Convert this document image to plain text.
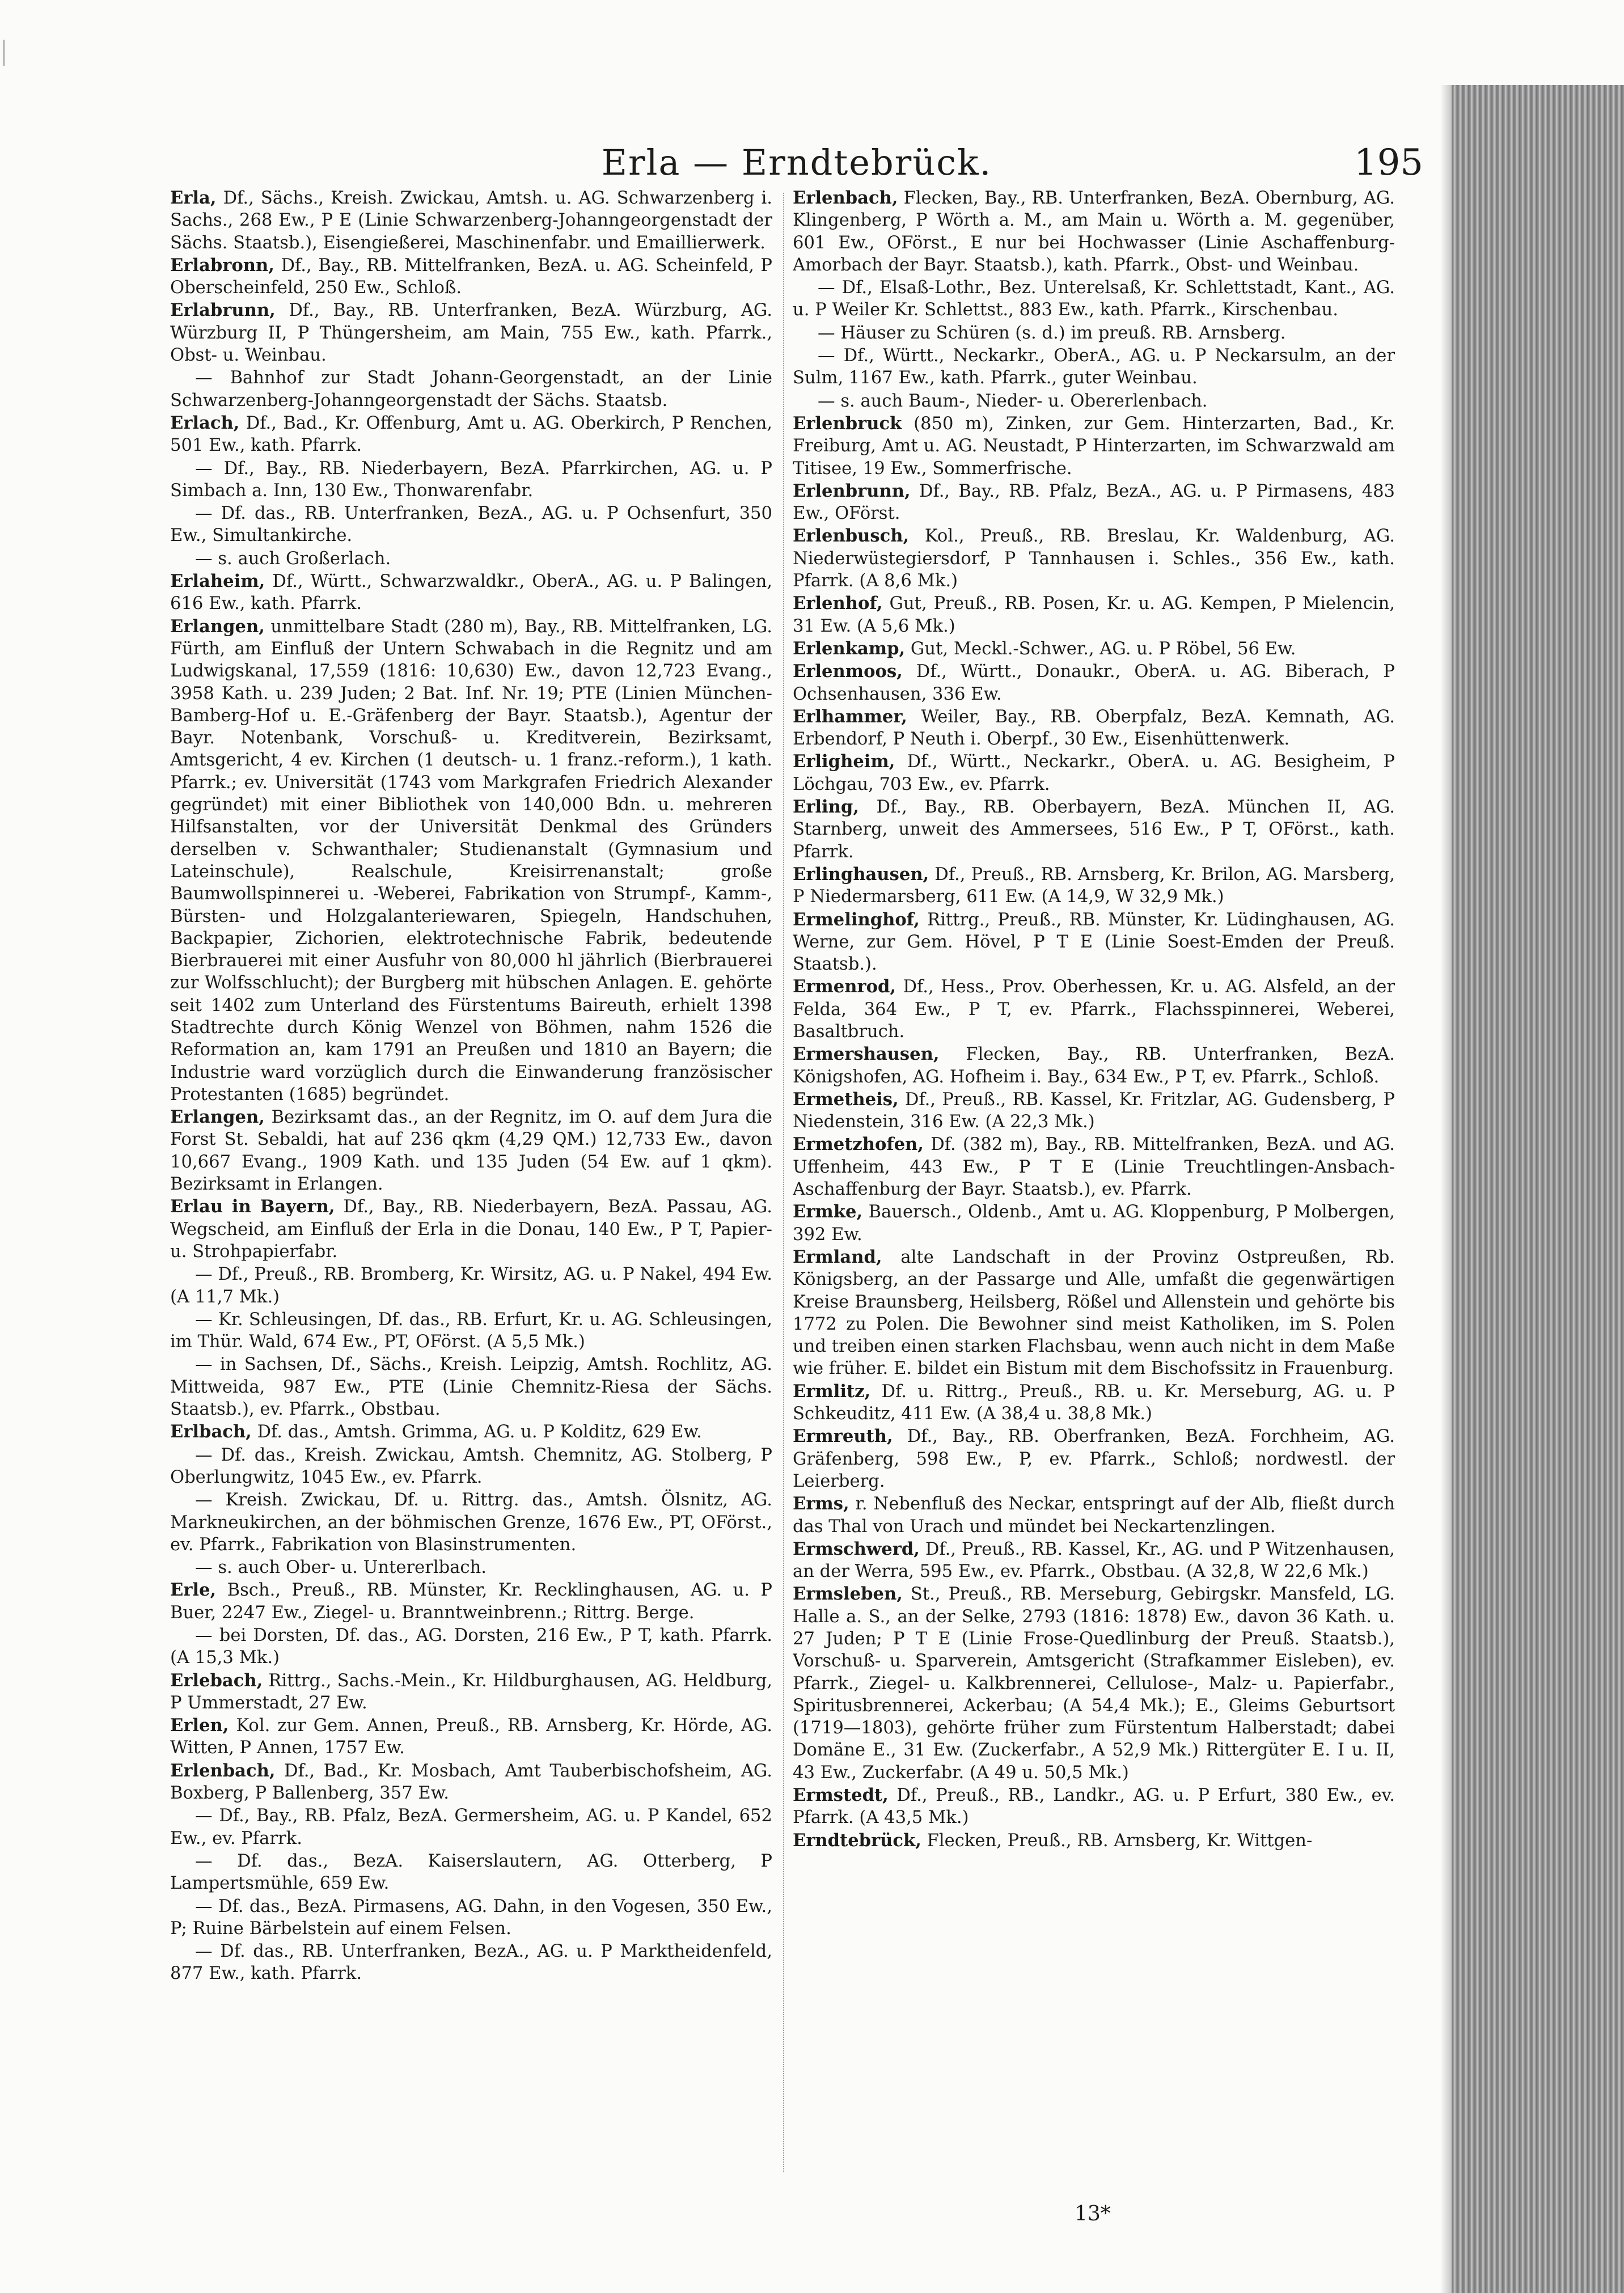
Erla — Erndtebrück.	195

Erla, Df., Sächs., Kreish. Zwickau, Amtsh. u. AG. Schwarzenberg i. Sachs., 268 Ew., P E (Linie Schwarzenberg-Johanngeorgenstadt der Sächs. Staatsb.), Eisengießerei, Maschinenfabr. und Emaillierwerk.

Erlabronn, Df., Bay., RB. Mittelfranken, BezA. u. AG. Scheinfeld, P Oberscheinfeld, 250 Ew., Schloß.

Erlabrunn, Df., Bay., RB. Unterfranken, BezA. Würzburg, AG. Würzburg II, P Thüngersheim, am Main, 755 Ew., kath. Pfarrk., Obst- u. Weinbau.

— Bahnhof zur Stadt Johann-Georgenstadt, an der Linie Schwarzenberg-Johanngeorgenstadt der Sächs. Staatsb.

Erlach, Df., Bad., Kr. Offenburg, Amt u. AG. Oberkirch, P Renchen, 501 Ew., kath. Pfarrk.

— Df., Bay., RB. Niederbayern, BezA. Pfarrkirchen, AG. u. P Simbach a. Inn, 130 Ew., Thonwarenfabr.

— Df. das., RB. Unterfranken, BezA., AG. u. P Ochsenfurt, 350 Ew., Simultankirche.

— s. auch Großerlach.

Erlaheim, Df., Württ., Schwarzwaldkr., OberA., AG. u. P Balingen, 616 Ew., kath. Pfarrk.

Erlangen, unmittelbare Stadt (280 m), Bay., RB. Mittelfranken, LG. Fürth, am Einfluß der Untern Schwabach in die Regnitz und am Ludwigskanal, 17,559 (1816: 10,630) Ew., davon 12,723 Evang., 3958 Kath. u. 239 Juden; 2 Bat. Inf. Nr. 19; PTE (Linien München-Bamberg-Hof u. E.-Gräfenberg der Bayr. Staatsb.), Agentur der Bayr. Notenbank, Vorschuß- u. Kreditverein, Bezirksamt, Amtsgericht, 4 ev. Kirchen (1 deutsch- u. 1 franz.-reform.), 1 kath. Pfarrk.; ev. Universität (1743 vom Markgrafen Friedrich Alexander gegründet) mit einer Bibliothek von 140,000 Bdn. u. mehreren Hilfsanstalten, vor der Universität Denkmal des Gründers derselben v. Schwanthaler; Studienanstalt (Gymnasium und Lateinschule), Realschule, Kreisirrenanstalt; große Baumwollspinnerei u. -Weberei, Fabrikation von Strumpf-, Kamm-, Bürsten- und Holzgalanteriewaren, Spiegeln, Handschuhen, Backpapier, Zichorien, elektrotechnische Fabrik, bedeutende Bierbrauerei mit einer Ausfuhr von 80,000 hl jährlich (Bierbrauerei zur Wolfsschlucht); der Burgberg mit hübschen Anlagen. E. gehörte seit 1402 zum Unterland des Fürstentums Baireuth, erhielt 1398 Stadtrechte durch König Wenzel von Böhmen, nahm 1526 die Reformation an, kam 1791 an Preußen und 1810 an Bayern; die Industrie ward vorzüglich durch die Einwanderung französischer Protestanten (1685) begründet.

Erlangen, Bezirksamt das., an der Regnitz, im O. auf dem Jura die Forst St. Sebaldi, hat auf 236 qkm (4,29 QM.) 12,733 Ew., davon 10,667 Evang., 1909 Kath. und 135 Juden (54 Ew. auf 1 qkm). Bezirksamt in Erlangen.

Erlau in Bayern, Df., Bay., RB. Niederbayern, BezA. Passau, AG. Wegscheid, am Einfluß der Erla in die Donau, 140 Ew., P T, Papier- u. Strohpapierfabr.

— Df., Preuß., RB. Bromberg, Kr. Wirsitz, AG. u. P Nakel, 494 Ew. (A 11,7 Mk.)

— Kr. Schleusingen, Df. das., RB. Erfurt, Kr. u. AG. Schleusingen, im Thür. Wald, 674 Ew., PT, OFörst. (A 5,5 Mk.)

— in Sachsen, Df., Sächs., Kreish. Leipzig, Amtsh. Rochlitz, AG. Mittweida, 987 Ew., PTE (Linie Chemnitz-Riesa der Sächs. Staatsb.), ev. Pfarrk., Obstbau.

Erlbach, Df. das., Amtsh. Grimma, AG. u. P Kolditz, 629 Ew.

— Df. das., Kreish. Zwickau, Amtsh. Chemnitz, AG. Stolberg, P Oberlungwitz, 1045 Ew., ev. Pfarrk.

— Kreish. Zwickau, Df. u. Rittrg. das., Amtsh. Ölsnitz, AG. Markneukirchen, an der böhmischen Grenze, 1676 Ew., PT, OFörst., ev. Pfarrk., Fabrikation von Blasinstrumenten.

— s. auch Ober- u. Untererlbach.

Erle, Bsch., Preuß., RB. Münster, Kr. Recklinghausen, AG. u. P Buer, 2247 Ew., Ziegel- u. Branntweinbrenn.; Rittrg. Berge.

— bei Dorsten, Df. das., AG. Dorsten, 216 Ew., P T, kath. Pfarrk. (A 15,3 Mk.)

Erlebach, Rittrg., Sachs.-Mein., Kr. Hildburghausen, AG. Heldburg, P Ummerstadt, 27 Ew.

Erlen, Kol. zur Gem. Annen, Preuß., RB. Arnsberg, Kr. Hörde, AG. Witten, P Annen, 1757 Ew.

Erlenbach, Df., Bad., Kr. Mosbach, Amt Tauberbischofsheim, AG. Boxberg, P Ballenberg, 357 Ew.

— Df., Bay., RB. Pfalz, BezA. Germersheim, AG. u. P Kandel, 652 Ew., ev. Pfarrk.

— Df. das., BezA. Kaiserslautern, AG. Otterberg, P Lampertsmühle, 659 Ew.

— Df. das., BezA. Pirmasens, AG. Dahn, in den Vogesen, 350 Ew., P; Ruine Bärbelstein auf einem Felsen.

— Df. das., RB. Unterfranken, BezA., AG. u. P Marktheidenfeld, 877 Ew., kath. Pfarrk.

Erlenbach, Flecken, Bay., RB. Unterfranken, BezA. Obernburg, AG. Klingenberg, P Wörth a. M., am Main u. Wörth a. M. gegenüber, 601 Ew., OFörst., E nur bei Hochwasser (Linie Aschaffenburg-Amorbach der Bayr. Staatsb.), kath. Pfarrk., Obst- und Weinbau.

— Df., Elsaß-Lothr., Bez. Unterelsaß, Kr. Schlettstadt, Kant., AG. u. P Weiler Kr. Schlettst., 883 Ew., kath. Pfarrk., Kirschenbau.

— Häuser zu Schüren (s. d.) im preuß. RB. Arnsberg.

— Df., Württ., Neckarkr., OberA., AG. u. P Neckarsulm, an der Sulm, 1167 Ew., kath. Pfarrk., guter Weinbau.

— s. auch Baum-, Nieder- u. Obererlenbach.

Erlenbruck (850 m), Zinken, zur Gem. Hinterzarten, Bad., Kr. Freiburg, Amt u. AG. Neustadt, P Hinterzarten, im Schwarzwald am Titisee, 19 Ew., Sommerfrische.

Erlenbrunn, Df., Bay., RB. Pfalz, BezA., AG. u. P Pirmasens, 483 Ew., OFörst.

Erlenbusch, Kol., Preuß., RB. Breslau, Kr. Waldenburg, AG. Niederwüstegiersdorf, P Tannhausen i. Schles., 356 Ew., kath. Pfarrk. (A 8,6 Mk.)

Erlenhof, Gut, Preuß., RB. Posen, Kr. u. AG. Kempen, P Mielencin, 31 Ew. (A 5,6 Mk.)

Erlenkamp, Gut, Meckl.-Schwer., AG. u. P Röbel, 56 Ew.

Erlenmoos, Df., Württ., Donaukr., OberA. u. AG. Biberach, P Ochsenhausen, 336 Ew.

Erlhammer, Weiler, Bay., RB. Oberpfalz, BezA. Kemnath, AG. Erbendorf, P Neuth i. Oberpf., 30 Ew., Eisenhüttenwerk.

Erligheim, Df., Württ., Neckarkr., OberA. u. AG. Besigheim, P Löchgau, 703 Ew., ev. Pfarrk.

Erling, Df., Bay., RB. Oberbayern, BezA. München II, AG. Starnberg, unweit des Ammersees, 516 Ew., P T, OFörst., kath. Pfarrk.

Erlinghausen, Df., Preuß., RB. Arnsberg, Kr. Brilon, AG. Marsberg, P Niedermarsberg, 611 Ew. (A 14,9, W 32,9 Mk.)

Ermelinghof, Rittrg., Preuß., RB. Münster, Kr. Lüdinghausen, AG. Werne, zur Gem. Hövel, P T E (Linie Soest-Emden der Preuß. Staatsb.).

Ermenrod, Df., Hess., Prov. Oberhessen, Kr. u. AG. Alsfeld, an der Felda, 364 Ew., P T, ev. Pfarrk., Flachsspinnerei, Weberei, Basaltbruch.

Ermershausen, Flecken, Bay., RB. Unterfranken, BezA. Königshofen, AG. Hofheim i. Bay., 634 Ew., P T, ev. Pfarrk., Schloß.

Ermetheis, Df., Preuß., RB. Kassel, Kr. Fritzlar, AG. Gudensberg, P Niedenstein, 316 Ew. (A 22,3 Mk.)

Ermetzhofen, Df. (382 m), Bay., RB. Mittelfranken, BezA. und AG. Uffenheim, 443 Ew., P T E (Linie Treuchtlingen-Ansbach-Aschaffenburg der Bayr. Staatsb.), ev. Pfarrk.

Ermke, Bauersch., Oldenb., Amt u. AG. Kloppenburg, P Molbergen, 392 Ew.

Ermland, alte Landschaft in der Provinz Ostpreußen, Rb. Königsberg, an der Passarge und Alle, umfaßt die gegenwärtigen Kreise Braunsberg, Heilsberg, Rößel und Allenstein und gehörte bis 1772 zu Polen. Die Bewohner sind meist Katholiken, im S. Polen und treiben einen starken Flachsbau, wenn auch nicht in dem Maße wie früher. E. bildet ein Bistum mit dem Bischofssitz in Frauenburg.

Ermlitz, Df. u. Rittrg., Preuß., RB. u. Kr. Merseburg, AG. u. P Schkeuditz, 411 Ew. (A 38,4 u. 38,8 Mk.)

Ermreuth, Df., Bay., RB. Oberfranken, BezA. Forchheim, AG. Gräfenberg, 598 Ew., P, ev. Pfarrk., Schloß; nordwestl. der Leierberg.

Erms, r. Nebenfluß des Neckar, entspringt auf der Alb, fließt durch das Thal von Urach und mündet bei Neckartenzlingen.

Ermschwerd, Df., Preuß., RB. Kassel, Kr., AG. und P Witzenhausen, an der Werra, 595 Ew., ev. Pfarrk., Obstbau. (A 32,8, W 22,6 Mk.)

Ermsleben, St., Preuß., RB. Merseburg, Gebirgskr. Mansfeld, LG. Halle a. S., an der Selke, 2793 (1816: 1878) Ew., davon 36 Kath. u. 27 Juden; P T E (Linie Frose-Quedlinburg der Preuß. Staatsb.), Vorschuß- u. Sparverein, Amtsgericht (Strafkammer Eisleben), ev. Pfarrk., Ziegel- u. Kalkbrennerei, Cellulose-, Malz- u. Papierfabr., Spiritusbrennerei, Ackerbau; (A 54,4 Mk.); E., Gleims Geburtsort (1719—1803), gehörte früher zum Fürstentum Halberstadt; dabei Domäne E., 31 Ew. (Zuckerfabr., A 52,9 Mk.) Rittergüter E. I u. II, 43 Ew., Zuckerfabr. (A 49 u. 50,5 Mk.)

Ermstedt, Df., Preuß., RB., Landkr., AG. u. P Erfurt, 380 Ew., ev. Pfarrk. (A 43,5 Mk.)

Erndtebrück, Flecken, Preuß., RB. Arnsberg, Kr. Wittgen-

13*
